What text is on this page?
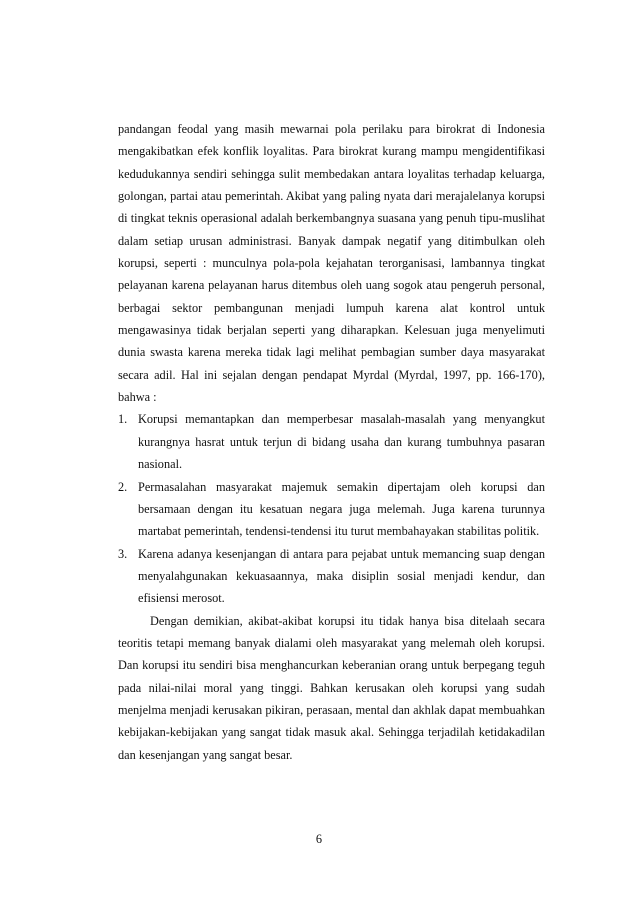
pandangan feodal yang masih mewarnai pola perilaku para birokrat di Indonesia mengakibatkan efek konflik loyalitas. Para birokrat kurang mampu mengidentifikasi kedudukannya sendiri sehingga sulit membedakan antara loyalitas terhadap keluarga, golongan, partai atau pemerintah. Akibat yang paling nyata dari merajalelanya korupsi di tingkat teknis operasional adalah berkembangnya suasana yang penuh tipu-muslihat dalam setiap urusan administrasi. Banyak dampak negatif yang ditimbulkan oleh korupsi, seperti : munculnya pola-pola kejahatan terorganisasi, lambannya tingkat pelayanan karena pelayanan harus ditembus oleh uang sogok atau pengeruh personal, berbagai sektor pembangunan menjadi lumpuh karena alat kontrol untuk mengawasinya tidak berjalan seperti yang diharapkan. Kelesuan juga menyelimuti dunia swasta karena mereka tidak lagi melihat pembagian sumber daya masyarakat secara adil. Hal ini sejalan dengan pendapat Myrdal (Myrdal, 1997, pp. 166-170), bahwa :

1. Korupsi memantapkan dan memperbesar masalah-masalah yang menyangkut kurangnya hasrat untuk terjun di bidang usaha dan kurang tumbuhnya pasaran nasional.
2. Permasalahan masyarakat majemuk semakin dipertajam oleh korupsi dan bersamaan dengan itu kesatuan negara juga melemah. Juga karena turunnya martabat pemerintah, tendensi-tendensi itu turut membahayakan stabilitas politik.
3. Karena adanya kesenjangan di antara para pejabat untuk memancing suap dengan menyalahgunakan kekuasaannya, maka disiplin sosial menjadi kendur, dan efisiensi merosot.

Dengan demikian, akibat-akibat korupsi itu tidak hanya bisa ditelaah secara teoritis tetapi memang banyak dialami oleh masyarakat yang melemah oleh korupsi. Dan korupsi itu sendiri bisa menghancurkan keberanian orang untuk berpegang teguh pada nilai-nilai moral yang tinggi. Bahkan kerusakan oleh korupsi yang sudah menjelma menjadi kerusakan pikiran, perasaan, mental dan akhlak dapat membuahkan kebijakan-kebijakan yang sangat tidak masuk akal. Sehingga terjadilah ketidakadilan dan kesenjangan yang sangat besar.

6
